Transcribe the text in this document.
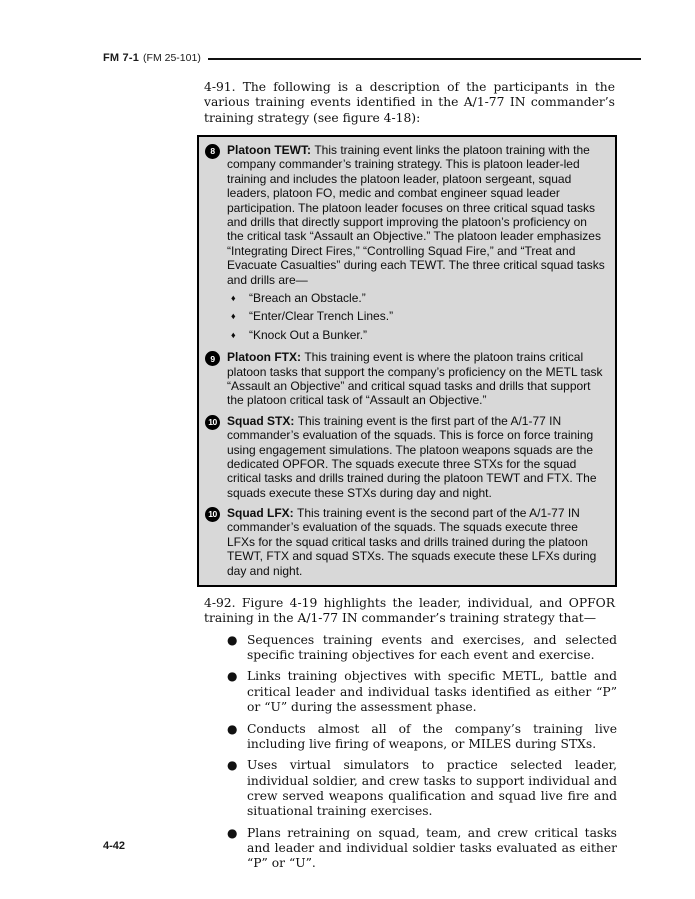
FM 7-1 (FM 25-101)

4-91. The following is a description of the participants in the various training events identified in the A/1-77 IN commander’s training strategy (see figure 4-18):

8	Platoon TEWT: This training event links the platoon training with the company commander’s training strategy. This is platoon leader-led training and includes the platoon leader, platoon sergeant, squad leaders, platoon FO, medic and combat engineer squad leader participation. The platoon leader focuses on three critical squad tasks and drills that directly support improving the platoon’s proficiency on the critical task “Assault an Objective.” The platoon leader emphasizes “Integrating Direct Fires,” “Controlling Squad Fire,” and “Treat and Evacuate Casualties” during each TEWT. The three critical squad tasks and drills are—
♦	“Breach an Obstacle.”
♦	“Enter/Clear Trench Lines.”
♦	“Knock Out a Bunker.”
9	Platoon FTX: This training event is where the platoon trains critical platoon tasks that support the company’s proficiency on the METL task “Assault an Objective” and critical squad tasks and drills that support the platoon critical task of “Assault an Objective.”
10 Squad STX: This training event is the first part of the A/1-77 IN commander’s evaluation of the squads. This is force on force training using engagement simulations. The platoon weapons squads are the dedicated OPFOR. The squads execute three STXs for the squad critical tasks and drills trained during the platoon TEWT and FTX. The squads execute these STXs during day and night.
10 Squad LFX: This training event is the second part of the A/1-77 IN commander’s evaluation of the squads. The squads execute three LFXs for the squad critical tasks and drills trained during the platoon TEWT, FTX and squad STXs. The squads execute these LFXs during day and night.

4-92. Figure 4-19 highlights the leader, individual, and OPFOR training in the A/1-77 IN commander’s training strategy that—

● Sequences training events and exercises, and selected specific training objectives for each event and exercise.
● Links training objectives with specific METL, battle and critical leader and individual tasks identified as either “P” or “U” during the assessment phase.
● Conducts almost all of the company’s training live including live firing of weapons, or MILES during STXs.
● Uses virtual simulators to practice selected leader, individual soldier, and crew tasks to support individual and crew served weapons qualification and squad live fire and situational training exercises.
● Plans retraining on squad, team, and crew critical tasks and leader and individual soldier tasks evaluated as either “P” or “U”.
4-42
